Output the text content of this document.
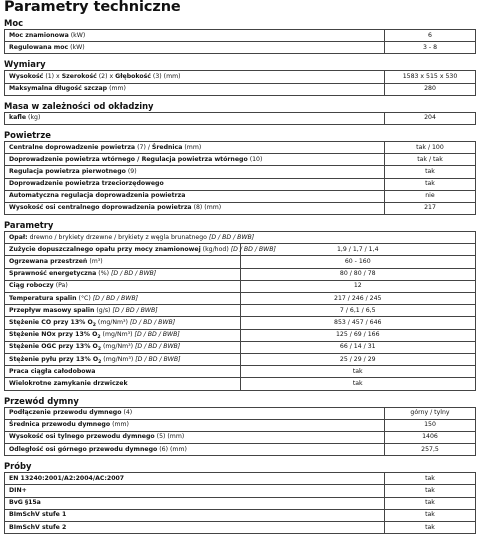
Parametry techniczne
Moc
Moc znamionowa (kW)	6
Regulowana moc (kW)	3 - 8
Wymiary
Wysokość (1) x Szerokość (2) x Głębokość (3) (mm)	1583 x 515 x 530
Maksymalna długość szczap (mm)	280
Masa w zależności od okładziny
kafle (kg)	204
Powietrze
Centralne doprowadzenie powietrza (7) / Średnica (mm)	tak / 100
Doprowadzenie powietrza wtórnego / Regulacja powietrza wtórnego (10)	tak / tak
Regulacja powietrza pierwotnego (9)	tak
Doprowadzenie powietrza trzeciorzędowego	tak
Automatyczna regulacja doprowadzenia powietrza	nie
Wysokość osi centralnego doprowadzenia powietrza (8) (mm)	217
Parametry
Opał: drewno / brykiety drzewne / brykiety z węgla brunatnego [D / BD / BWB]	
Zużycie dopuszczalnego opału przy mocy znamionowej (kg/hod) [D / BD / BWB]	1,9 / 1,7 / 1,4
Ogrzewana przestrzeń (m³)	60 - 160
Sprawność energetyczna (%) [D / BD / BWB]	80 / 80 / 78
Ciąg roboczy (Pa)	12
Temperatura spalin (°C) [D / BD / BWB]	217 / 246 / 245
Przepływ masowy spalin (g/s) [D / BD / BWB]	7 / 6,1 / 6,5
Stężenie CO przy 13% $O_2$ (mg/Nm³) [D / BD / BWB]	853 / 457 / 646
Stężenie NOx przy 13% $O_2$ (mg/Nm³) [D / BD / BWB]	125 / 69 / 166
Stężenie OGC przy 13% $O_2$ (mg/Nm³) [D / BD / BWB]	66 / 14 / 31
Stężenie pyłu przy 13% $O_2$ (mg/Nm³) [D / BD / BWB]	25 / 29 / 29
Praca ciągła całodobowa	tak
Wielokrotne zamykanie drzwiczek	tak
Przewód dymny
Podłączenie przewodu dymnego (4)	górny / tylny
Średnica przewodu dymnego (mm)	150
Wysokość osi tylnego przewodu dymnego (5) (mm)	1406
Odległość osi górnego przewodu dymnego (6) (mm)	257,5
Próby
EN 13240:2001/A2:2004/AC:2007	tak
DIN+	tak
BvG §15a	tak
BImSchV stufe 1	tak
BImSchV stufe 2	tak
